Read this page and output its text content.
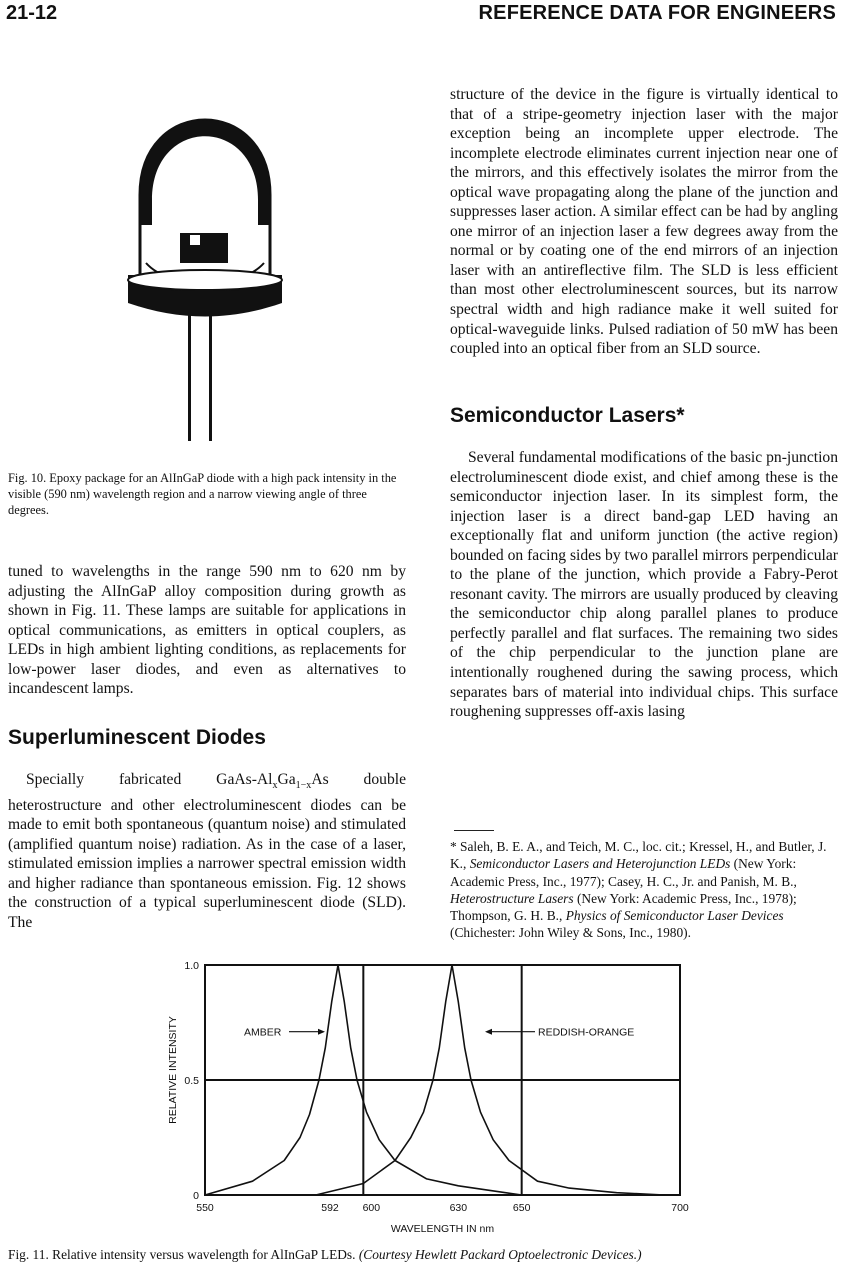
21-12	REFERENCE DATA FOR ENGINEERS
Fig. 10. Epoxy package for an AlInGaP diode with a high pack intensity in the visible (590 nm) wavelength region and a narrow viewing angle of three degrees.

tuned to wavelengths in the range 590 nm to 620 nm by adjusting the AlInGaP alloy composition during growth as shown in Fig. 11. These lamps are suitable for applications in optical communications, as emitters in optical couplers, as LEDs in high ambient lighting conditions, as replacements for low-power laser diodes, and even as alternatives to incandescent lamps.

Superluminescent Diodes

Specially fabricated GaAs-$Al_xGa_{1-x}As$ double heterostructure and other electroluminescent diodes can be made to emit both spontaneous (quantum noise) and stimulated (amplified quantum noise) radiation. As in the case of a laser, stimulated emission implies a narrower spectral emission width and higher radiance than spontaneous emission. Fig. 12 shows the construction of a typical superluminescent diode (SLD). The

structure of the device in the figure is virtually identical to that of a stripe-geometry injection laser with the major exception being an incomplete upper electrode. The incomplete electrode eliminates current injection near one of the mirrors, and this effectively isolates the mirror from the optical wave propagating along the plane of the junction and suppresses laser action. A similar effect can be had by angling one mirror of an injection laser a few degrees away from the normal or by coating one of the end mirrors of an injection laser with an antireflective film. The SLD is less efficient than most other electroluminescent sources, but its narrow spectral width and high radiance make it well suited for optical-waveguide links. Pulsed radiation of 50 mW has been coupled into an optical fiber from an SLD source.

Semiconductor Lasers*

Several fundamental modifications of the basic pn-junction electroluminescent diode exist, and chief among these is the semiconductor injection laser. In its simplest form, the injection laser is a direct band-gap LED having an exceptionally flat and uniform junction (the active region) bounded on facing sides by two parallel mirrors perpendicular to the plane of the junction, which provide a Fabry-Perot resonant cavity. The mirrors are usually produced by cleaving the semiconductor chip along parallel planes to produce perfectly parallel and flat surfaces. The remaining two sides of the chip perpendicular to the junction plane are intentionally roughened during the sawing process, which separates bars of material into individual chips. This surface roughening suppresses off-axis lasing

* Saleh, B. E. A., and Teich, M. C., loc. cit.; Kressel, H., and Butler, J. K., Semiconductor Lasers and Heterojunction LEDs (New York: Academic Press, Inc., 1977); Casey, H. C., Jr. and Panish, M. B., Heterostructure Lasers (New York: Academic Press, Inc., 1978); Thompson, G. H. B., Physics of Semiconductor Laser Devices (Chichester: John Wiley & Sons, Inc., 1980).
0
0.5
1.0
550	592 600	630	650	700
WAVELENGTH IN nm
RELATIVE INTENSITY	AMBER	REDDISH-ORANGE
Fig. 11. Relative intensity versus wavelength for AlInGaP LEDs. (Courtesy Hewlett Packard Optoelectronic Devices.)
